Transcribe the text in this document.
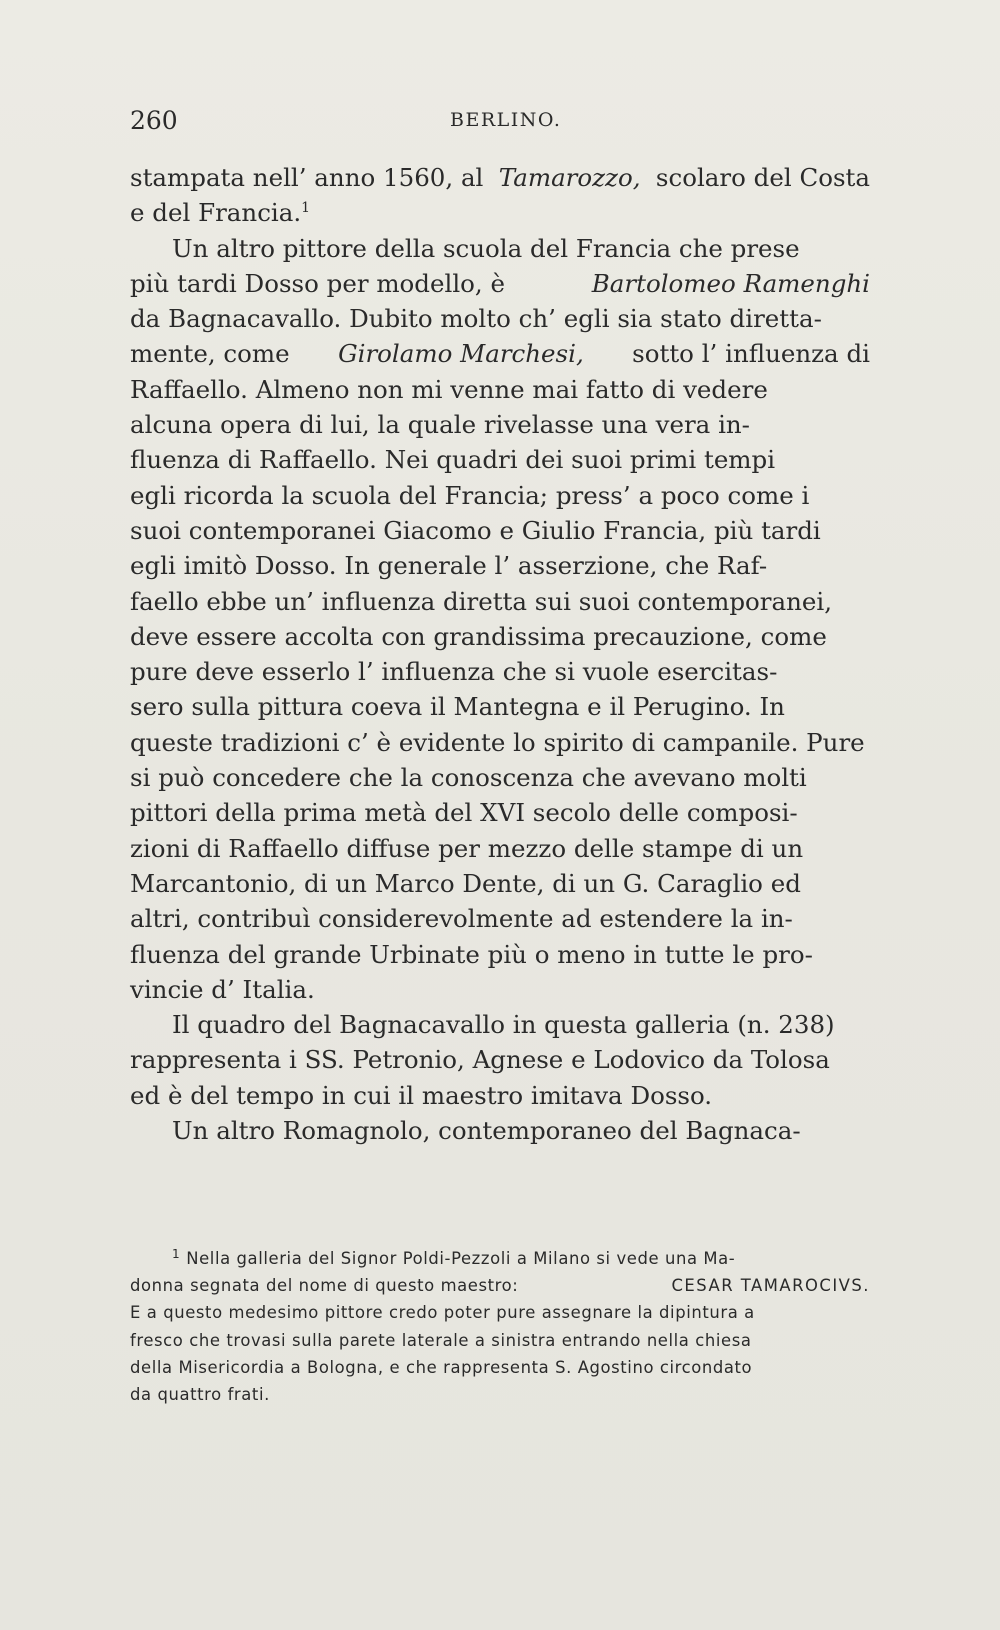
260	BERLINO.
stampata nell’ anno 1560, al Tamarozzo, scolaro del Costa
e del Francia.1
Un altro pittore della scuola del Francia che prese
più tardi Dosso per modello, è	Bartolomeo Ramenghi
da Bagnacavallo. Dubito molto ch’ egli sia stato diretta-
mente, come Girolamo Marchesi, sotto l’ influenza di
Raffaello. Almeno non mi venne mai fatto di vedere
alcuna opera di lui, la quale rivelasse una vera in-
fluenza di Raffaello. Nei quadri dei suoi primi tempi
egli ricorda la scuola del Francia; press’ a poco come i
suoi contemporanei Giacomo e Giulio Francia, più tardi
egli imitò Dosso. In generale l’ asserzione, che Raf-
faello ebbe un’ influenza diretta sui suoi contemporanei,
deve essere accolta con grandissima precauzione, come
pure deve esserlo l’ influenza che si vuole esercitas-
sero sulla pittura coeva il Mantegna e il Perugino. In
queste tradizioni c’ è evidente lo spirito di campanile. Pure
si può concedere che la conoscenza che avevano molti
pittori della prima metà del XVI secolo delle composi-
zioni di Raffaello diffuse per mezzo delle stampe di un
Marcantonio, di un Marco Dente, di un G. Caraglio ed
altri, contribuì considerevolmente ad estendere la in-
fluenza del grande Urbinate più o meno in tutte le pro-
vincie d’ Italia.
Il quadro del Bagnacavallo in questa galleria (n. 238)
rappresenta i SS. Petronio, Agnese e Lodovico da Tolosa
ed è del tempo in cui il maestro imitava Dosso.
Un altro Romagnolo, contemporaneo del Bagnaca-
$^1$ Nella galleria del Signor Poldi-Pezzoli a Milano si vede una Ma-
donna segnata del nome di questo maestro:	CESAR TAMAROCIVS.
E a questo medesimo pittore credo poter pure assegnare la dipintura a
fresco che trovasi sulla parete laterale a sinistra entrando nella chiesa
della Misericordia a Bologna, e che rappresenta S. Agostino circondato
da quattro frati.
